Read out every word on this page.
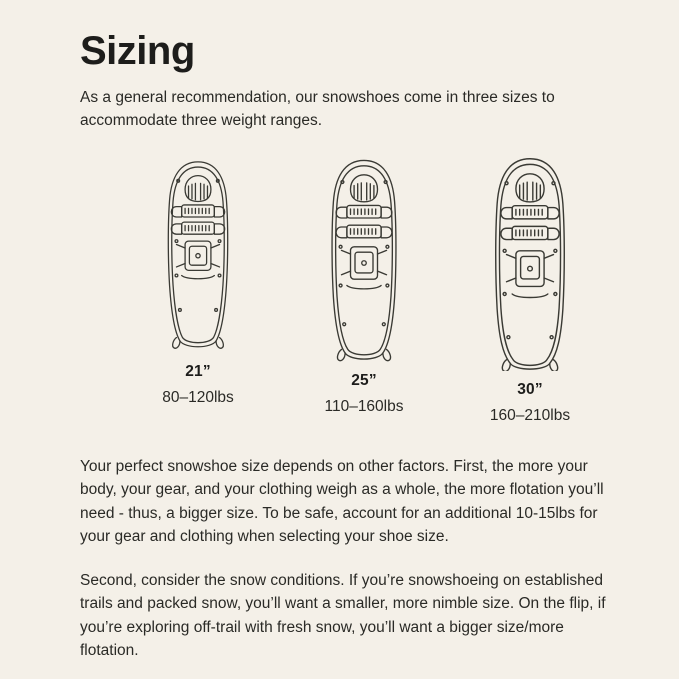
Sizing

As a general recommendation, our snowshoes come in three sizes to accommodate three weight ranges.

21”
80–120lbs
25”
110–160lbs
30”
160–210lbs

Your perfect snowshoe size depends on other factors. First, the more your body, your gear, and your clothing weigh as a whole, the more flotation you’ll need - thus, a bigger size. To be safe, account for an additional 10-15lbs for your gear and clothing when selecting your shoe size.

Second, consider the snow conditions. If you’re snowshoeing on established trails and packed snow, you’ll want a smaller, more nimble size. On the flip, if you’re exploring off-trail with fresh snow, you’ll want a bigger size/more flotation.
